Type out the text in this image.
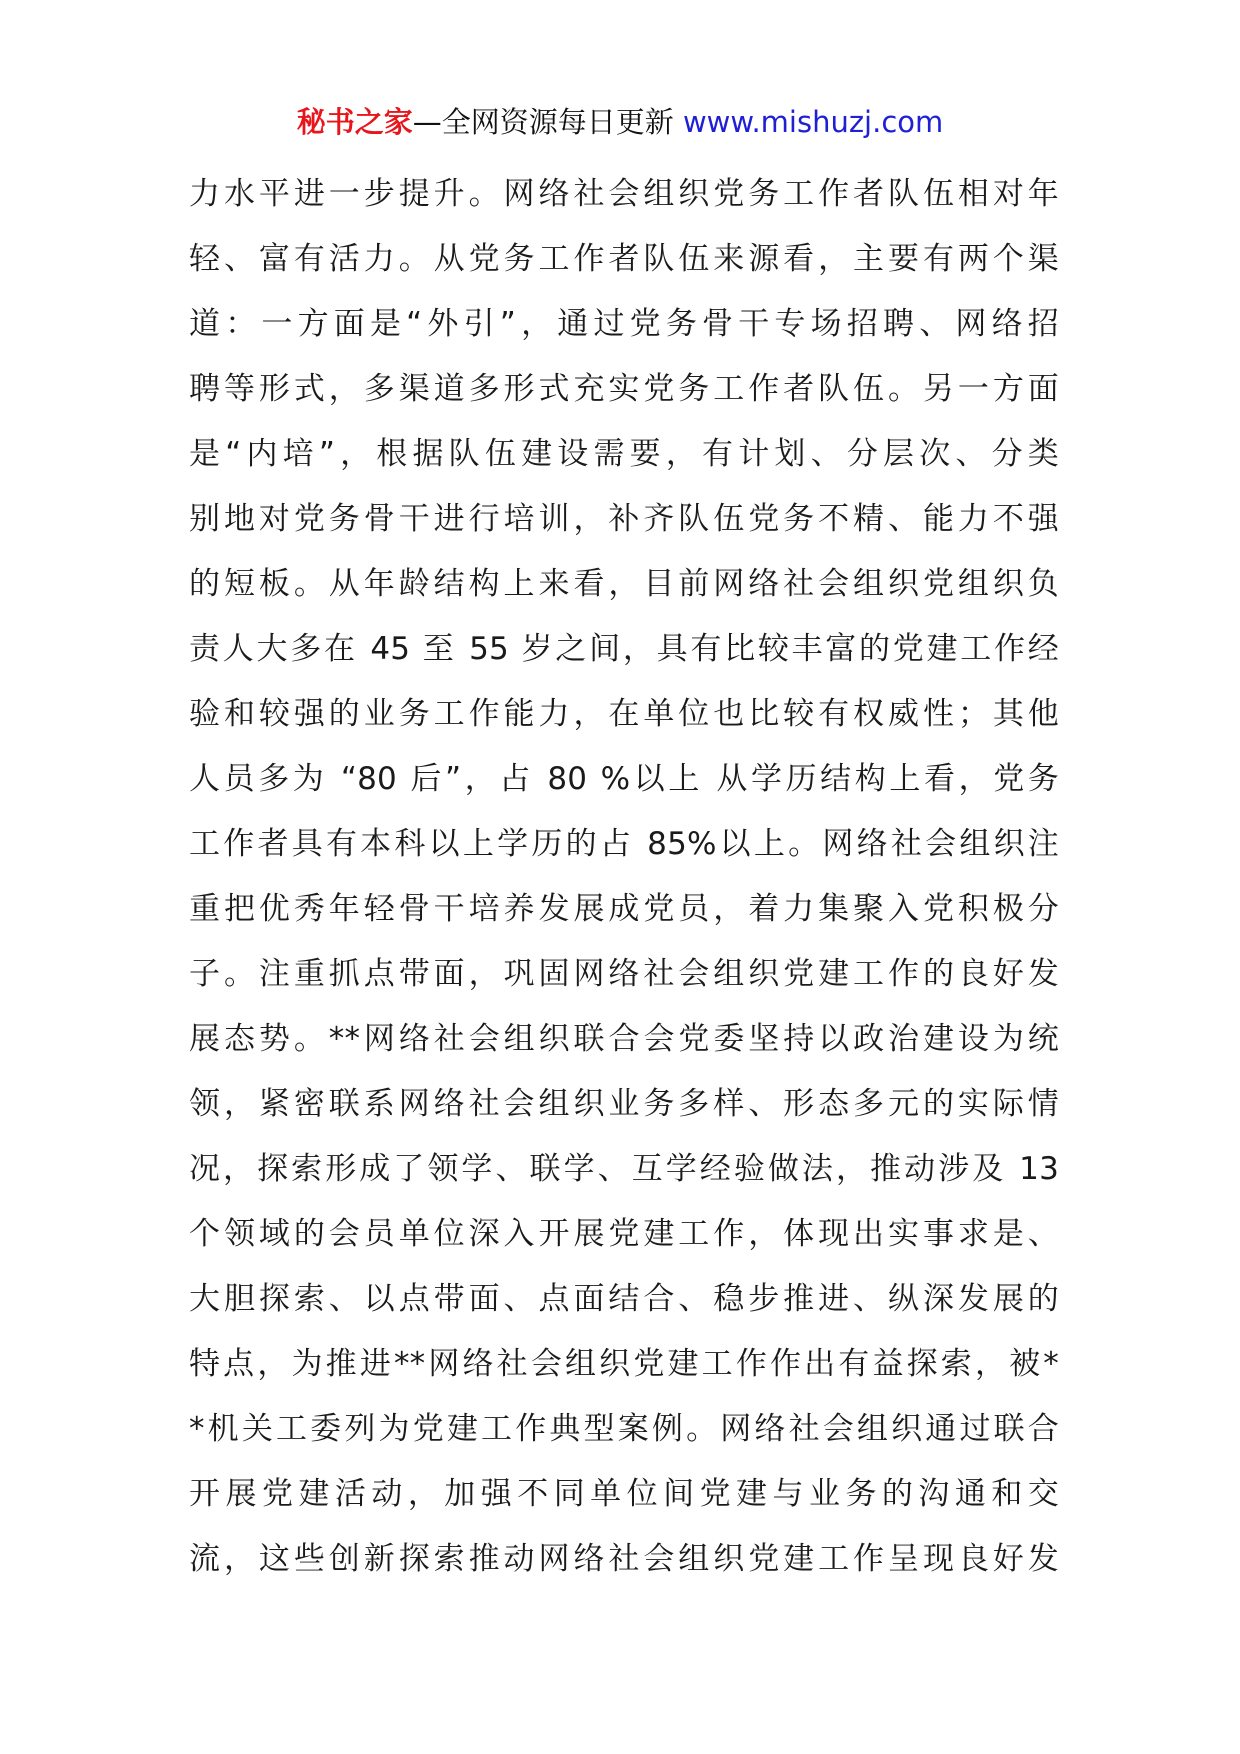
秘书之家—全网资源每日更新 www.mishuzj.com
力水平进一步提升。网络社会组织党务工作者队伍相对年
轻、富有活力。从党务工作者队伍来源看，主要有两个渠
道：一方面是“外引”，通过党务骨干专场招聘、网络招
聘等形式，多渠道多形式充实党务工作者队伍。另一方面
是“内培”，根据队伍建设需要，有计划、分层次、分类
别地对党务骨干进行培训，补齐队伍党务不精、能力不强
的短板。从年龄结构上来看，目前网络社会组织党组织负
责人大多在 45 至 55 岁之间，具有比较丰富的党建工作经
验和较强的业务工作能力，在单位也比较有权威性；其他
人员多为 “80 后”，占 80 %以上 从学历结构上看，党务
工作者具有本科以上学历的占 85%以上。网络社会组织注
重把优秀年轻骨干培养发展成党员，着力集聚入党积极分
子。注重抓点带面，巩固网络社会组织党建工作的良好发
展态势。**网络社会组织联合会党委坚持以政治建设为统
领，紧密联系网络社会组织业务多样、形态多元的实际情
况，探索形成了领学、联学、互学经验做法，推动涉及 13
个领域的会员单位深入开展党建工作，体现出实事求是、
大胆探索、以点带面、点面结合、稳步推进、纵深发展的
特点，为推进**网络社会组织党建工作作出有益探索，被*
*机关工委列为党建工作典型案例。网络社会组织通过联合
开展党建活动，加强不同单位间党建与业务的沟通和交
流，这些创新探索推动网络社会组织党建工作呈现良好发
